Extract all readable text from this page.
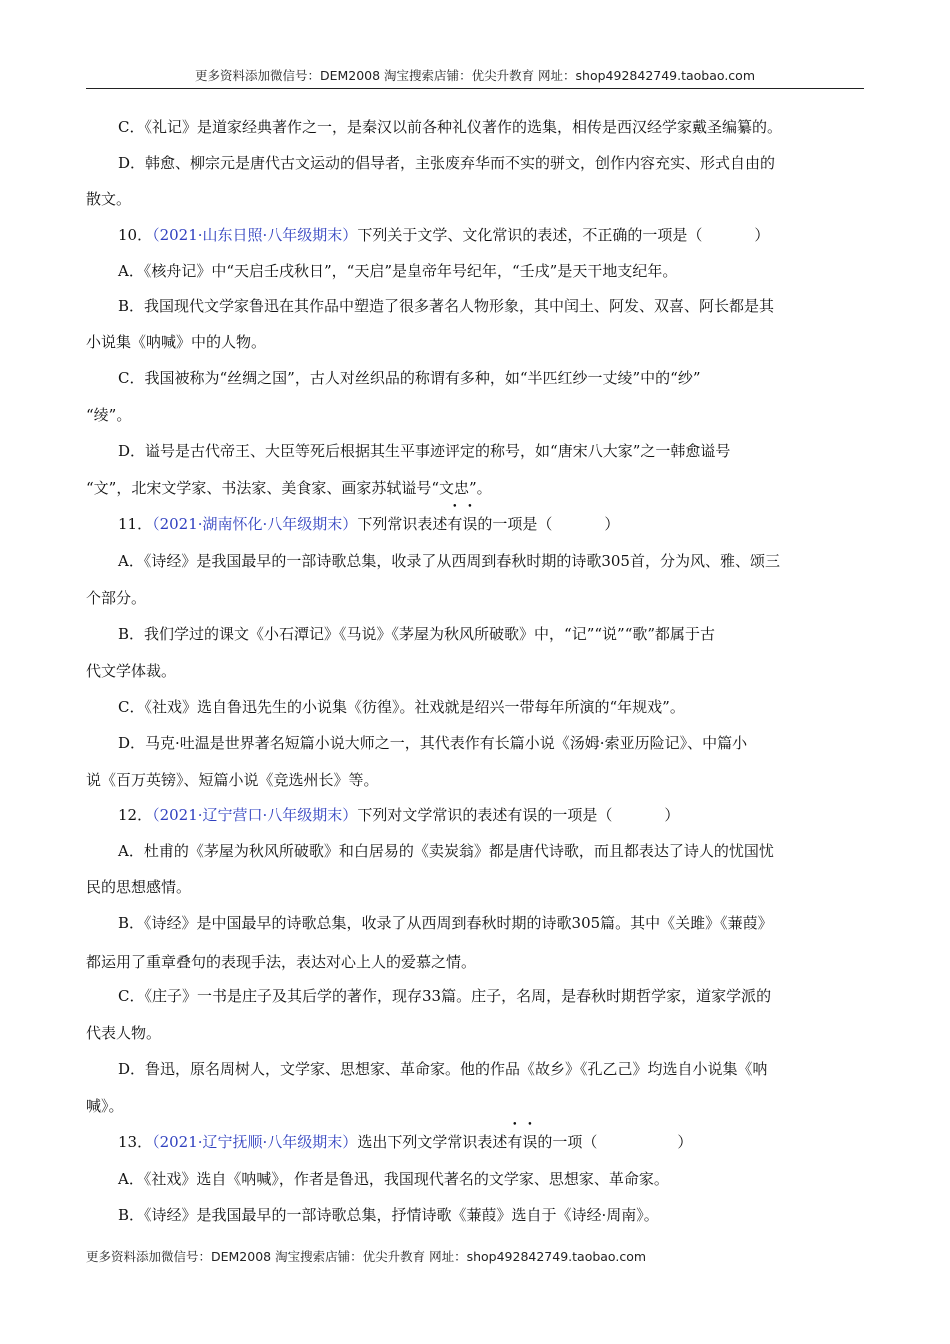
更多资料添加微信号：DEM2008 淘宝搜索店铺：优尖升教育 网址：shop492842749.taobao.com
C．《礼记》是道家经典著作之一，是秦汉以前各种礼仪著作的选集，相传是西汉经学家戴圣编纂的。
D．韩愈、柳宗元是唐代古文运动的倡导者，主张废弃华而不实的骈文，创作内容充实、形式自由的
散文。
10．（2021·山东日照·八年级期末）下列关于文学、文化常识的表述，不正确的一项是（	）
A．《核舟记》中“天启壬戌秋日”，“天启”是皇帝年号纪年，“壬戌”是天干地支纪年。
B．我国现代文学家鲁迅在其作品中塑造了很多著名人物形象，其中闰土、阿发、双喜、阿长都是其
小说集《呐喊》中的人物。
C．我国被称为“丝绸之国”，古人对丝织品的称谓有多种，如“半匹红纱一丈绫”中的“纱”
“绫”。
D．谥号是古代帝王、大臣等死后根据其生平事迹评定的称号，如“唐宋八大家”之一韩愈谥号
“文”，北宋文学家、书法家、美食家、画家苏轼谥号“文忠”。
11．（2021·湖南怀化·八年级期末）下列常识表述有误的一项是（	）
A．《诗经》是我国最早的一部诗歌总集，收录了从西周到春秋时期的诗歌305首，分为风、雅、颂三
个部分。
B．我们学过的课文《小石潭记》《马说》《茅屋为秋风所破歌》中，“记”“说”“歌”都属于古
代文学体裁。
C．《社戏》选自鲁迅先生的小说集《彷徨》。社戏就是绍兴一带每年所演的“年规戏”。
D．马克·吐温是世界著名短篇小说大师之一，其代表作有长篇小说《汤姆·索亚历险记》、中篇小
说《百万英镑》、短篇小说《竞选州长》等。
12．（2021·辽宁营口·八年级期末）下列对文学常识的表述有误的一项是（	）
A．杜甫的《茅屋为秋风所破歌》和白居易的《卖炭翁》都是唐代诗歌，而且都表达了诗人的忧国忧
民的思想感情。
B．《诗经》是中国最早的诗歌总集，收录了从西周到春秋时期的诗歌305篇。其中《关雎》《蒹葭》
都运用了重章叠句的表现手法，表达对心上人的爱慕之情。
C．《庄子》一书是庄子及其后学的著作，现存33篇。庄子，名周，是春秋时期哲学家，道家学派的
代表人物。
D．鲁迅，原名周树人，文学家、思想家、革命家。他的作品《故乡》《孔乙己》均选自小说集《呐
喊》。
13．（2021·辽宁抚顺·八年级期末）选出下列文学常识表述有误的一项（	）
A．《社戏》选自《呐喊》，作者是鲁迅，我国现代著名的文学家、思想家、革命家。
B．《诗经》是我国最早的一部诗歌总集，抒情诗歌《蒹葭》选自于《诗经·周南》。
更多资料添加微信号：DEM2008 淘宝搜索店铺：优尖升教育 网址：shop492842749.taobao.com
